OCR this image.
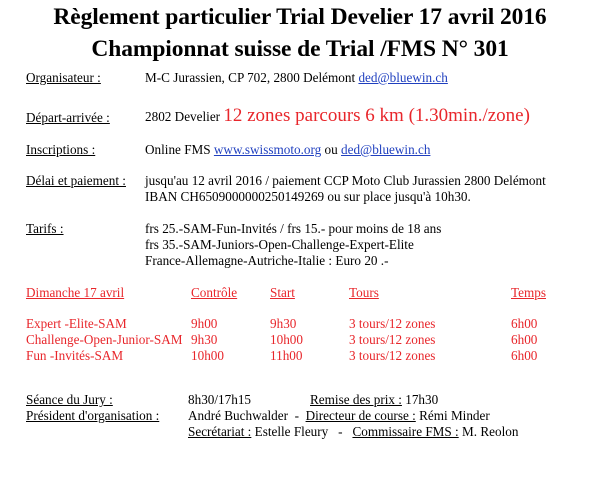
Règlement particulier Trial Develier 17 avril 2016
Championnat suisse de Trial /FMS N° 301
Organisateur :	M-C Jurassien, CP 702, 2800 Delémont ded@bluewin.ch
Départ-arrivée :	2802 Develier 12 zones parcours 6 km (1.30min./zone)
Inscriptions :	Online FMS www.swissmoto.org ou ded@bluewin.ch
Délai et paiement : jusqu'au 12 avril 2016 / paiement CCP Moto Club Jurassien 2800 Delémont
IBAN CH6509000000250149269 ou sur place jusqu'à 10h30.
Tarifs :	frs 25.-SAM-Fun-Invités / frs 15.- pour moins de 18 ans
frs 35.-SAM-Juniors-Open-Challenge-Expert-Elite
France-Allemagne-Autriche-Italie : Euro 20 .-
Dimanche 17 avril	Contrôle Start	Tours	Temps
Expert -Elite-SAM	9h00	9h30	3 tours/12 zones	6h00
Challenge-Open-Junior-SAM 9h30	10h00	3 tours/12 zones	6h00
Fun -Invités-SAM	10h00	11h00	3 tours/12 zones	6h00
Séance du Jury :	8h30/17h15	Remise des prix : 17h30
Président d'organisation : André Buchwalder - Directeur de course : Rémi Minder
Secrétariat : Estelle Fleury - Commissaire FMS : M. Reolon
